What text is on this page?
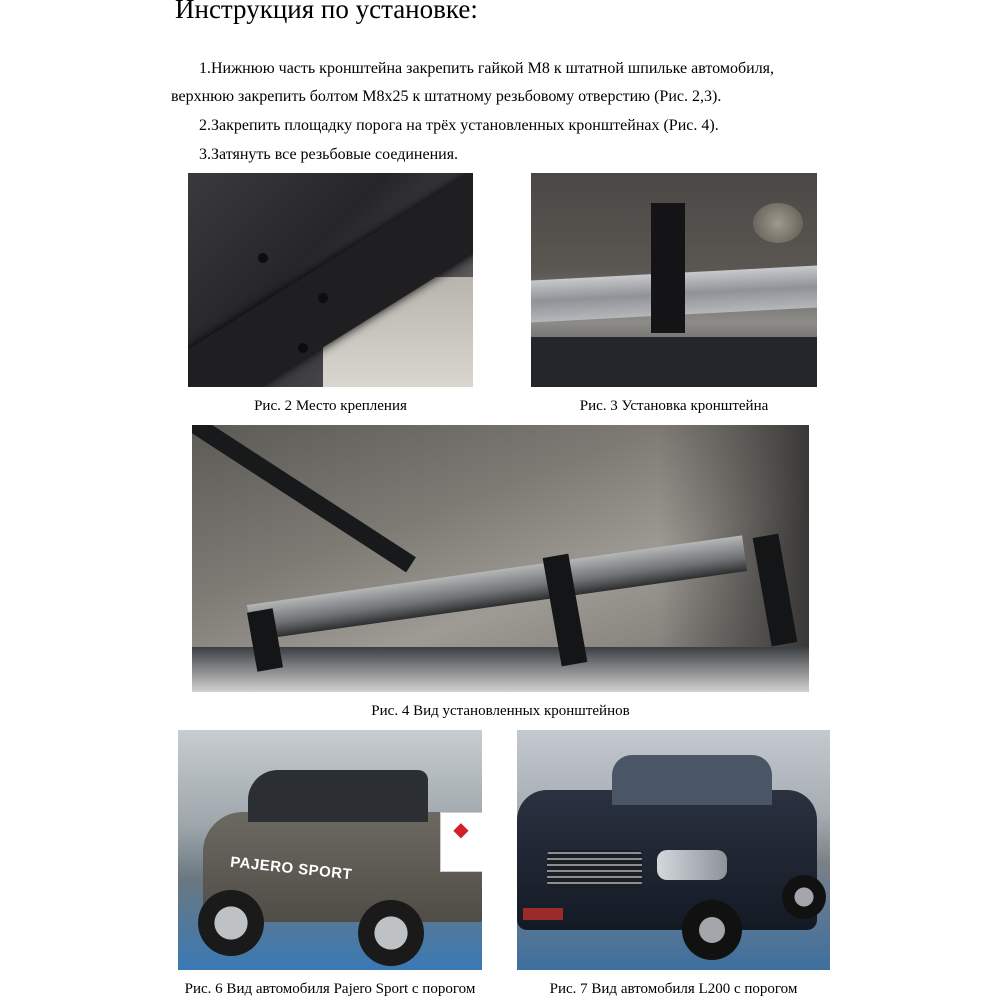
Инструкция по установке:

1.Нижнюю часть кронштейна закрепить гайкой М8 к штатной шпильке автомобиля,

верхнюю закрепить болтом М8х25 к штатному резьбовому отверстию (Рис. 2,3).

2.Закрепить площадку порога на трёх установленных кронштейнах (Рис. 4).

3.Затянуть все резьбовые соединения.

Рис. 2 Место крепления	Рис. 3 Установка кронштейна

Рис. 4 Вид установленных кронштейнов

PAJERO SPORT
◆

Рис. 6 Вид автомобиля Pajero Sport с порогом	Рис. 7 Вид автомобиля L200 с порогом
